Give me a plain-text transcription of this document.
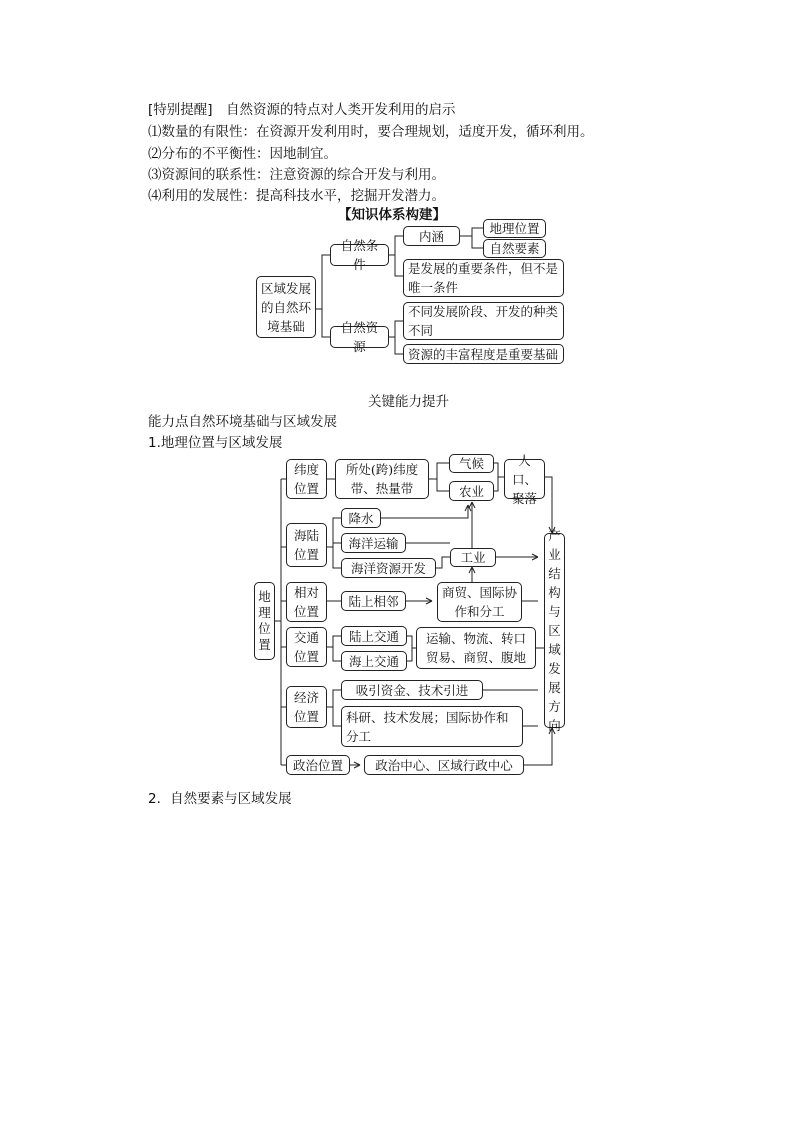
[特别提醒]　自然资源的特点对人类开发利用的启示
⑴数量的有限性：在资源开发利用时，要合理规划，适度开发，循环利用。
⑵分布的不平衡性：因地制宜。
⑶资源间的联系性：注意资源的综合开发与利用。
⑷利用的发展性：提高科技水平，挖掘开发潜力。
【知识体系构建】
区域发展的自然环境基础
自然条件
内涵	地理位置
自然要素
是发展的重要条件，但不是唯一条件
自然资源
不同发展阶段、开发的种类不同
资源的丰富程度是重要基础
关键能力提升
能力点自然环境基础与区域发展
1.地理位置与区域发展
地理位置
纬度位置
所处(跨)纬度带、热量带
气候
农业
人口、聚落
海陆位置
降水
海洋运输
海洋资源开发
工业
相对位置
陆上相邻
商贸、国际协作和分工
交通位置
陆上交通
海上交通
运输、物流、转口贸易、商贸、腹地
经济位置
吸引资金、技术引进
科研、技术发展；国际协作和分工
政治位置	政治中心、区域行政中心
产业结构与区域发展方向
2．自然要素与区域发展
